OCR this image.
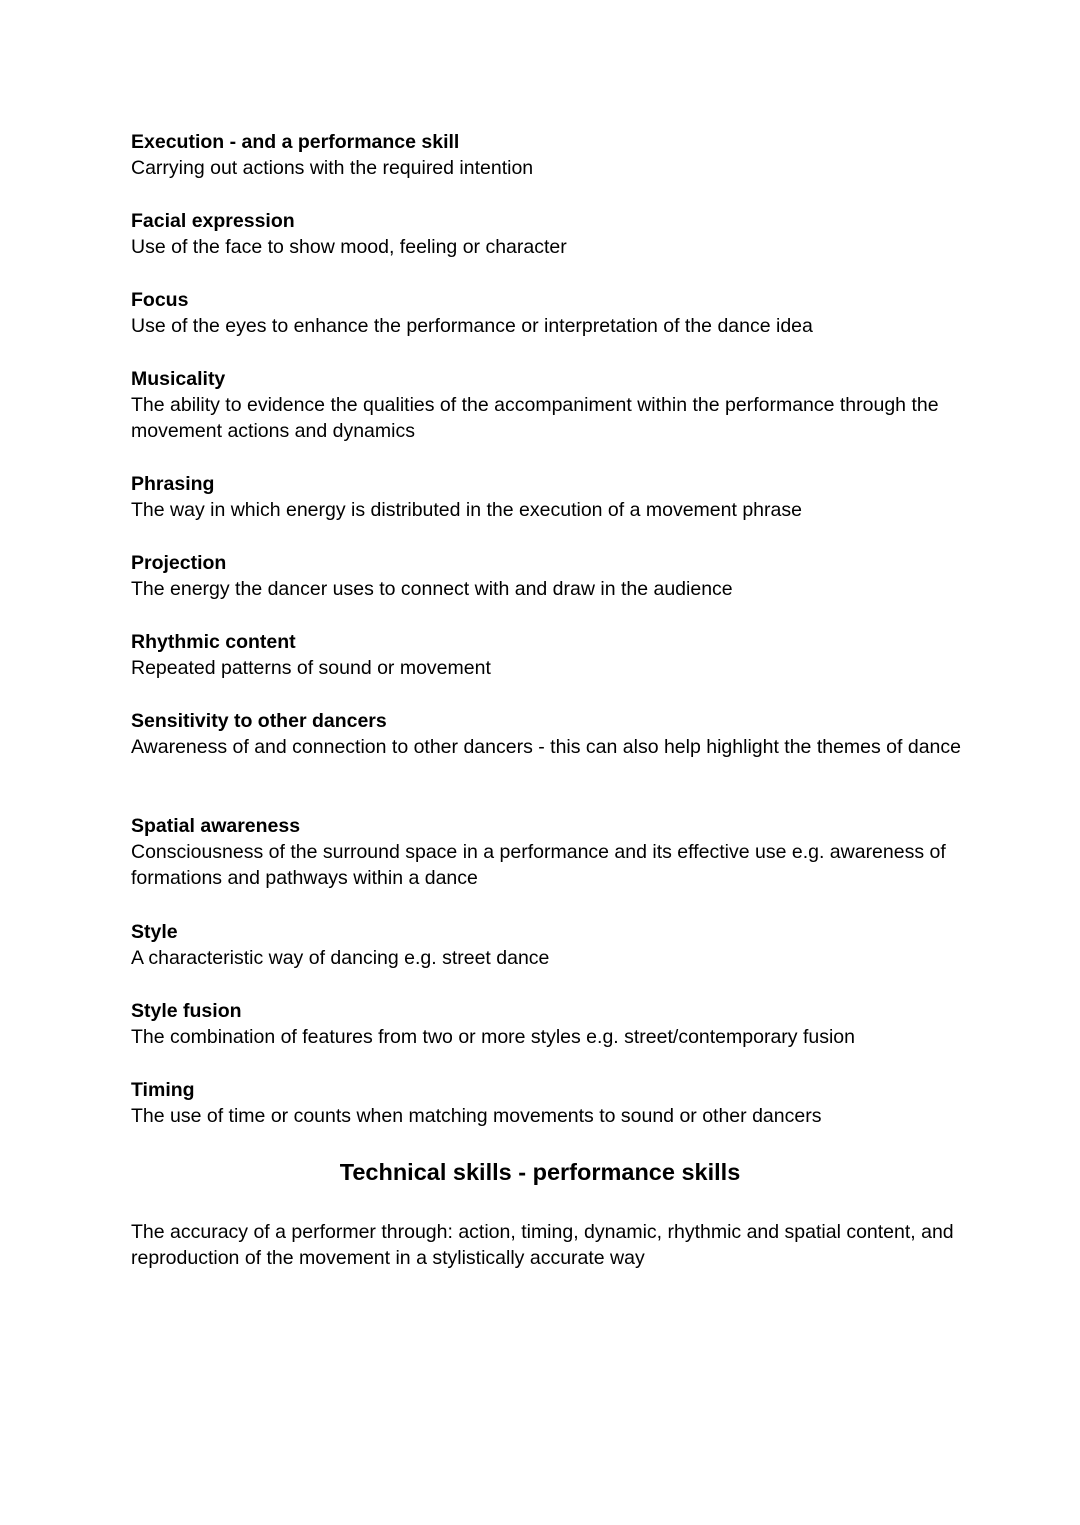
Execution - and a performance skill

Carrying out actions with the required intention

Facial expression

Use of the face to show mood, feeling or character

Focus

Use of the eyes to enhance the performance or interpretation of the dance idea

Musicality

The ability to evidence the qualities of the accompaniment within the performance through the movement actions and dynamics

Phrasing

The way in which energy is distributed in the execution of a movement phrase

Projection

The energy the dancer uses to connect with and draw in the audience

Rhythmic content

Repeated patterns of sound or movement

Sensitivity to other dancers

Awareness of and connection to other dancers - this can also help highlight the themes of dance

Spatial awareness

Consciousness of the surround space in a performance and its effective use e.g. awareness of formations and pathways within a dance

Style

A characteristic way of dancing e.g. street dance

Style fusion

The combination of features from two or more styles e.g. street/contemporary fusion

Timing

The use of time or counts when matching movements to sound or other dancers

Technical skills - performance skills

The accuracy of a performer through: action, timing, dynamic, rhythmic and spatial content, and reproduction of the movement in a stylistically accurate way
